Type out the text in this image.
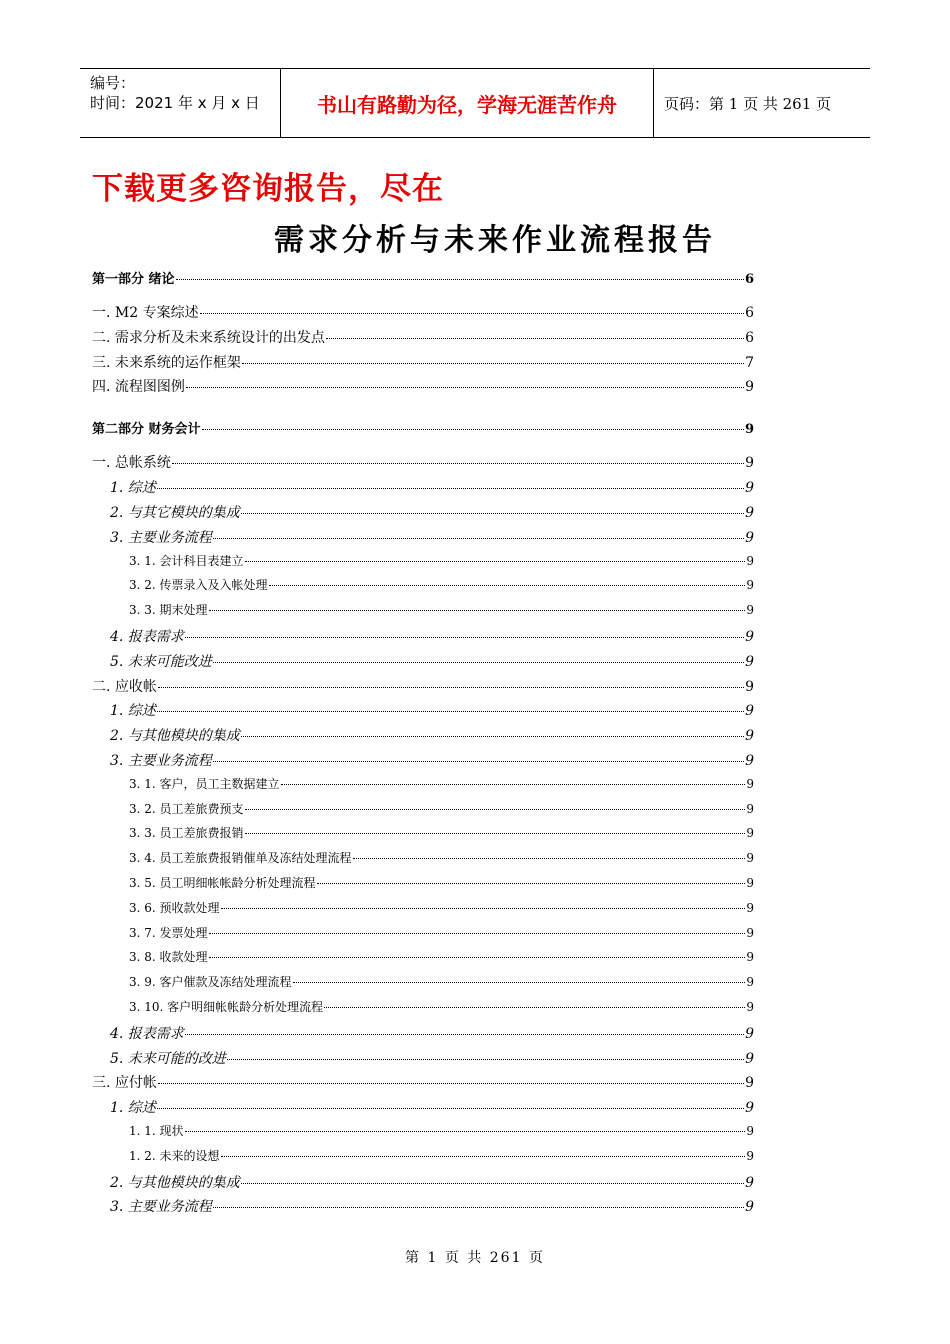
编号：
时间：2021 年 x 月 x 日	书山有路勤为径，学海无涯苦作舟	页码：第 1 页 共 261 页
下载更多咨询报告，尽在
需求分析与未来作业流程报告
第一部分 绪论	6
一. M2 专案综述	6
二. 需求分析及未来系统设计的出发点	6
三. 未来系统的运作框架	7
四. 流程图图例	9
第二部分 财务会计	9
一. 总帐系统	9
1. 综述	9
2. 与其它模块的集成	9
3. 主要业务流程	9
3. 1. 会计科目表建立	9
3. 2. 传票录入及入帐处理	9
3. 3. 期末处理	9
4. 报表需求	9
5. 未来可能改进	9
二. 应收帐	9
1. 综述	9
2. 与其他模块的集成	9
3. 主要业务流程	9
3. 1. 客户，员工主数据建立	9
3. 2. 员工差旅费预支	9
3. 3. 员工差旅费报销	9
3. 4. 员工差旅费报销催单及冻结处理流程	9
3. 5. 员工明细帐帐龄分析处理流程	9
3. 6. 预收款处理	9
3. 7. 发票处理	9
3. 8. 收款处理	9
3. 9. 客户催款及冻结处理流程	9
3. 10. 客户明细帐帐龄分析处理流程	9
4. 报表需求	9
5. 未来可能的改进	9
三. 应付帐	9
1. 综述	9
1. 1. 现状	9
1. 2. 未来的设想	9
2. 与其他模块的集成	9
3. 主要业务流程	9
第 1 页 共 261 页
